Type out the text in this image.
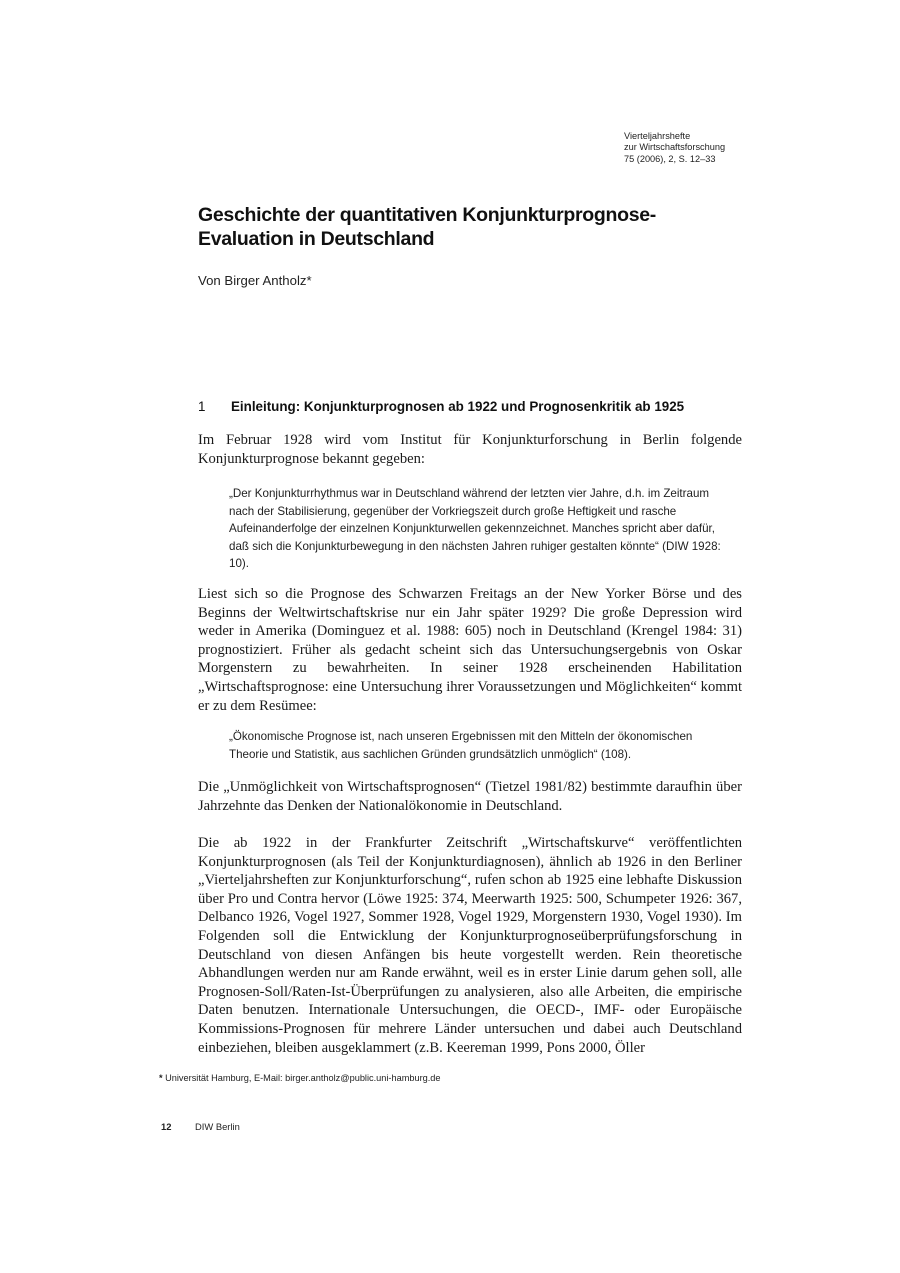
Vierteljahrshefte
zur Wirtschaftsforschung
75 (2006), 2, S. 12–33
Geschichte der quantitativen Konjunkturprognose-
Evaluation in Deutschland
Von Birger Antholz*
1 Einleitung: Konjunkturprognosen ab 1922 und Prognosenkritik ab 1925

Im Februar 1928 wird vom Institut für Konjunkturforschung in Berlin folgende Konjunkturprognose bekannt gegeben:

„Der Konjunkturrhythmus war in Deutschland während der letzten vier Jahre, d.h. im Zeitraum nach der Stabilisierung, gegenüber der Vorkriegszeit durch große Heftigkeit und rasche Aufeinanderfolge der einzelnen Konjunkturwellen gekennzeichnet. Manches spricht aber dafür, daß sich die Konjunkturbewegung in den nächsten Jahren ruhiger gestalten könnte“ (DIW 1928: 10).

Liest sich so die Prognose des Schwarzen Freitags an der New Yorker Börse und des Beginns der Weltwirtschaftskrise nur ein Jahr später 1929? Die große Depression wird weder in Amerika (Dominguez et al. 1988: 605) noch in Deutschland (Krengel 1984: 31) prognostiziert. Früher als gedacht scheint sich das Untersuchungsergebnis von Oskar Morgenstern zu bewahrheiten. In seiner 1928 erscheinenden Habilitation „Wirtschaftsprognose: eine Untersuchung ihrer Voraussetzungen und Möglichkeiten“ kommt er zu dem Resümee:

„Ökonomische Prognose ist, nach unseren Ergebnissen mit den Mitteln der ökonomischen Theorie und Statistik, aus sachlichen Gründen grundsätzlich unmöglich“ (108).

Die „Unmöglichkeit von Wirtschaftsprognosen“ (Tietzel 1981/82) bestimmte daraufhin über Jahrzehnte das Denken der Nationalökonomie in Deutschland.

Die ab 1922 in der Frankfurter Zeitschrift „Wirtschaftskurve“ veröffentlichten Konjunkturprognosen (als Teil der Konjunkturdiagnosen), ähnlich ab 1926 in den Berliner „Vierteljahrsheften zur Konjunkturforschung“, rufen schon ab 1925 eine lebhafte Diskussion über Pro und Contra hervor (Löwe 1925: 374, Meerwarth 1925: 500, Schumpeter 1926: 367, Delbanco 1926, Vogel 1927, Sommer 1928, Vogel 1929, Morgenstern 1930, Vogel 1930). Im Folgenden soll die Entwicklung der Konjunkturprognoseüberprüfungsforschung in Deutschland von diesen Anfängen bis heute vorgestellt werden. Rein theoretische Abhandlungen werden nur am Rande erwähnt, weil es in erster Linie darum gehen soll, alle Prognosen-Soll/Raten-Ist-Überprüfungen zu analysieren, also alle Arbeiten, die empirische Daten benutzen. Internationale Untersuchungen, die OECD-, IMF- oder Europäische Kommissions-Prognosen für mehrere Länder untersuchen und dabei auch Deutschland einbeziehen, bleiben ausgeklammert (z.B. Keereman 1999, Pons 2000, Öller

* Universität Hamburg, E-Mail: birger.antholz@public.uni-hamburg.de
12	DIW Berlin
